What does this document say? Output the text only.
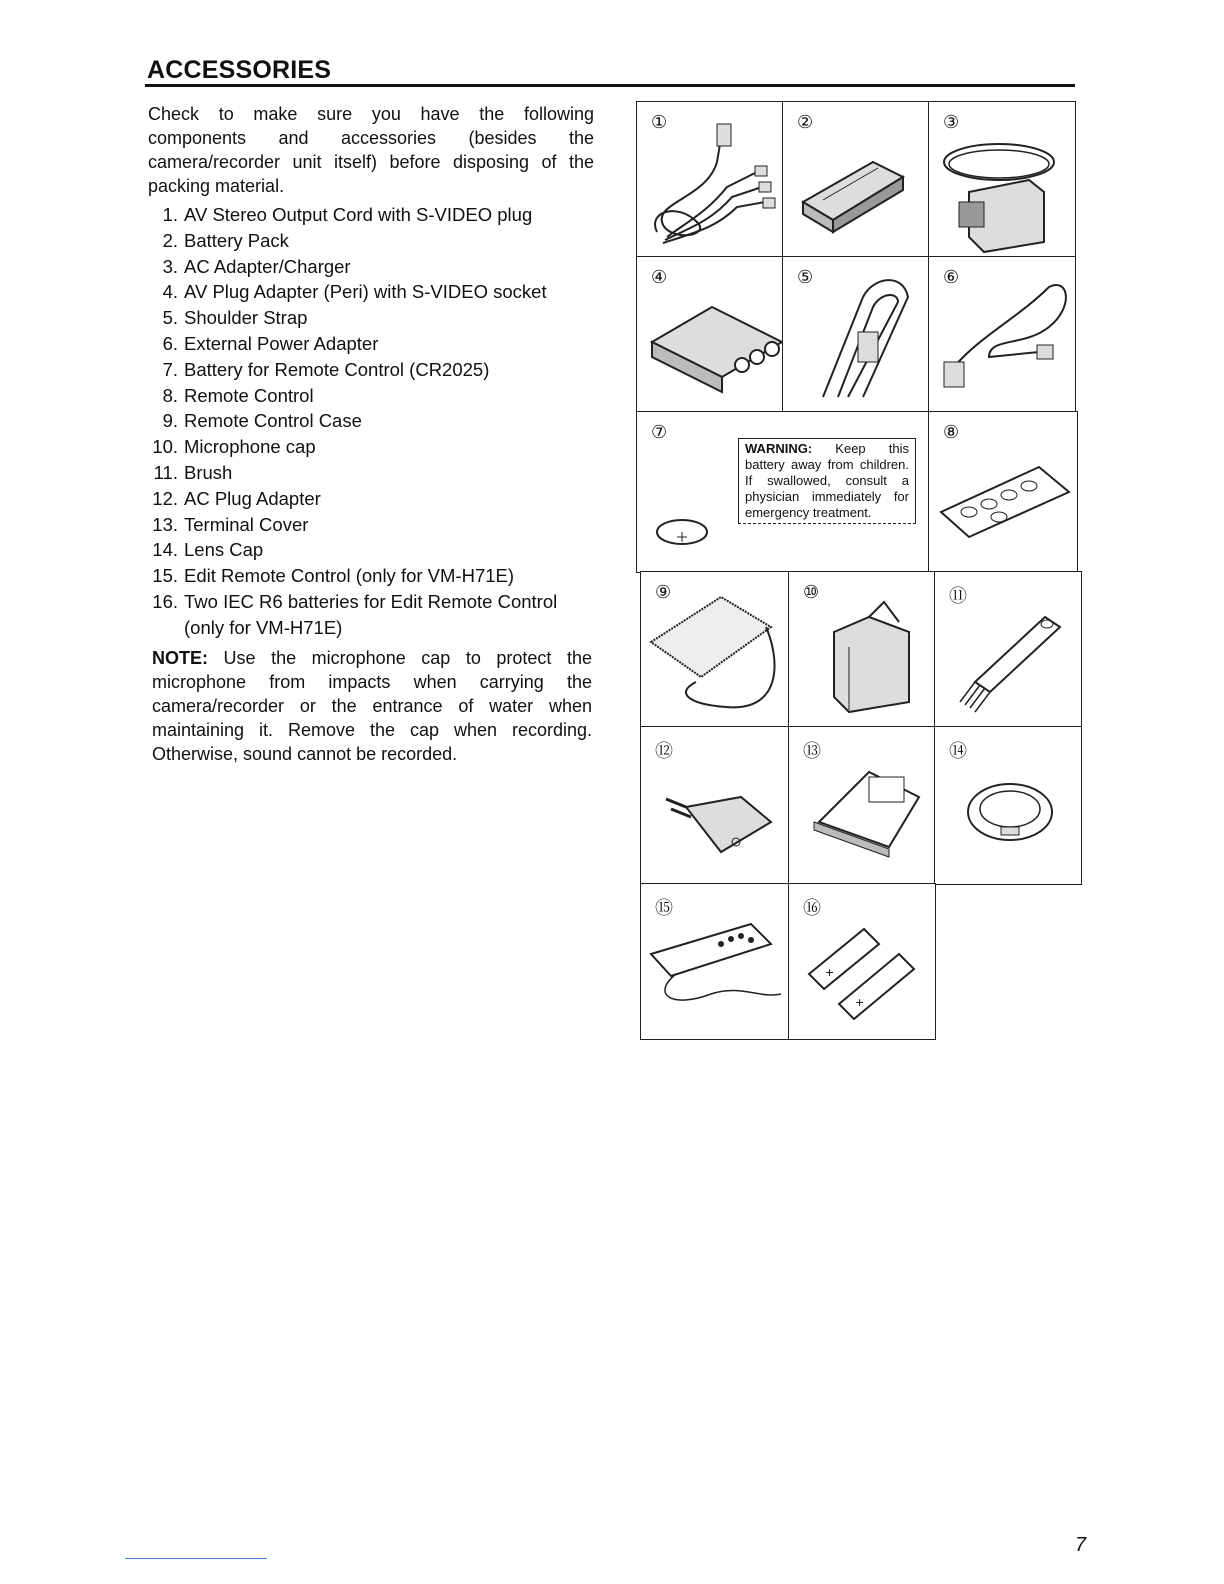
ACCESSORIES

Check to make sure you have the following components and accessories (besides the camera/recorder unit itself) before disposing of the packing material.

1. AV Stereo Output Cord with S-VIDEO plug
2. Battery Pack
3. AC Adapter/Charger
4. AV Plug Adapter (Peri) with S-VIDEO socket
5. Shoulder Strap
6. External Power Adapter
7. Battery for Remote Control (CR2025)
8. Remote Control
9. Remote Control Case
10. Microphone cap
11. Brush
12. AC Plug Adapter
13. Terminal Cover
14. Lens Cap
15. Edit Remote Control (only for VM-H71E)
16. Two IEC R6 batteries for Edit Remote Control (only for VM-H71E)

NOTE: Use the microphone cap to protect the microphone from impacts when carrying the camera/recorder or the entrance of water when maintaining it. Remove the cap when recording. Otherwise, sound cannot be recorded.

①	②	③
④	⑤	⑥
⑦
WARNING: Keep this battery away from children. If swallowed, consult a physician immediately for emergency treatment.
⑧
⑨	⑩	⑪
⑫	⑬	⑭
⑮	⑯
+
+
7
